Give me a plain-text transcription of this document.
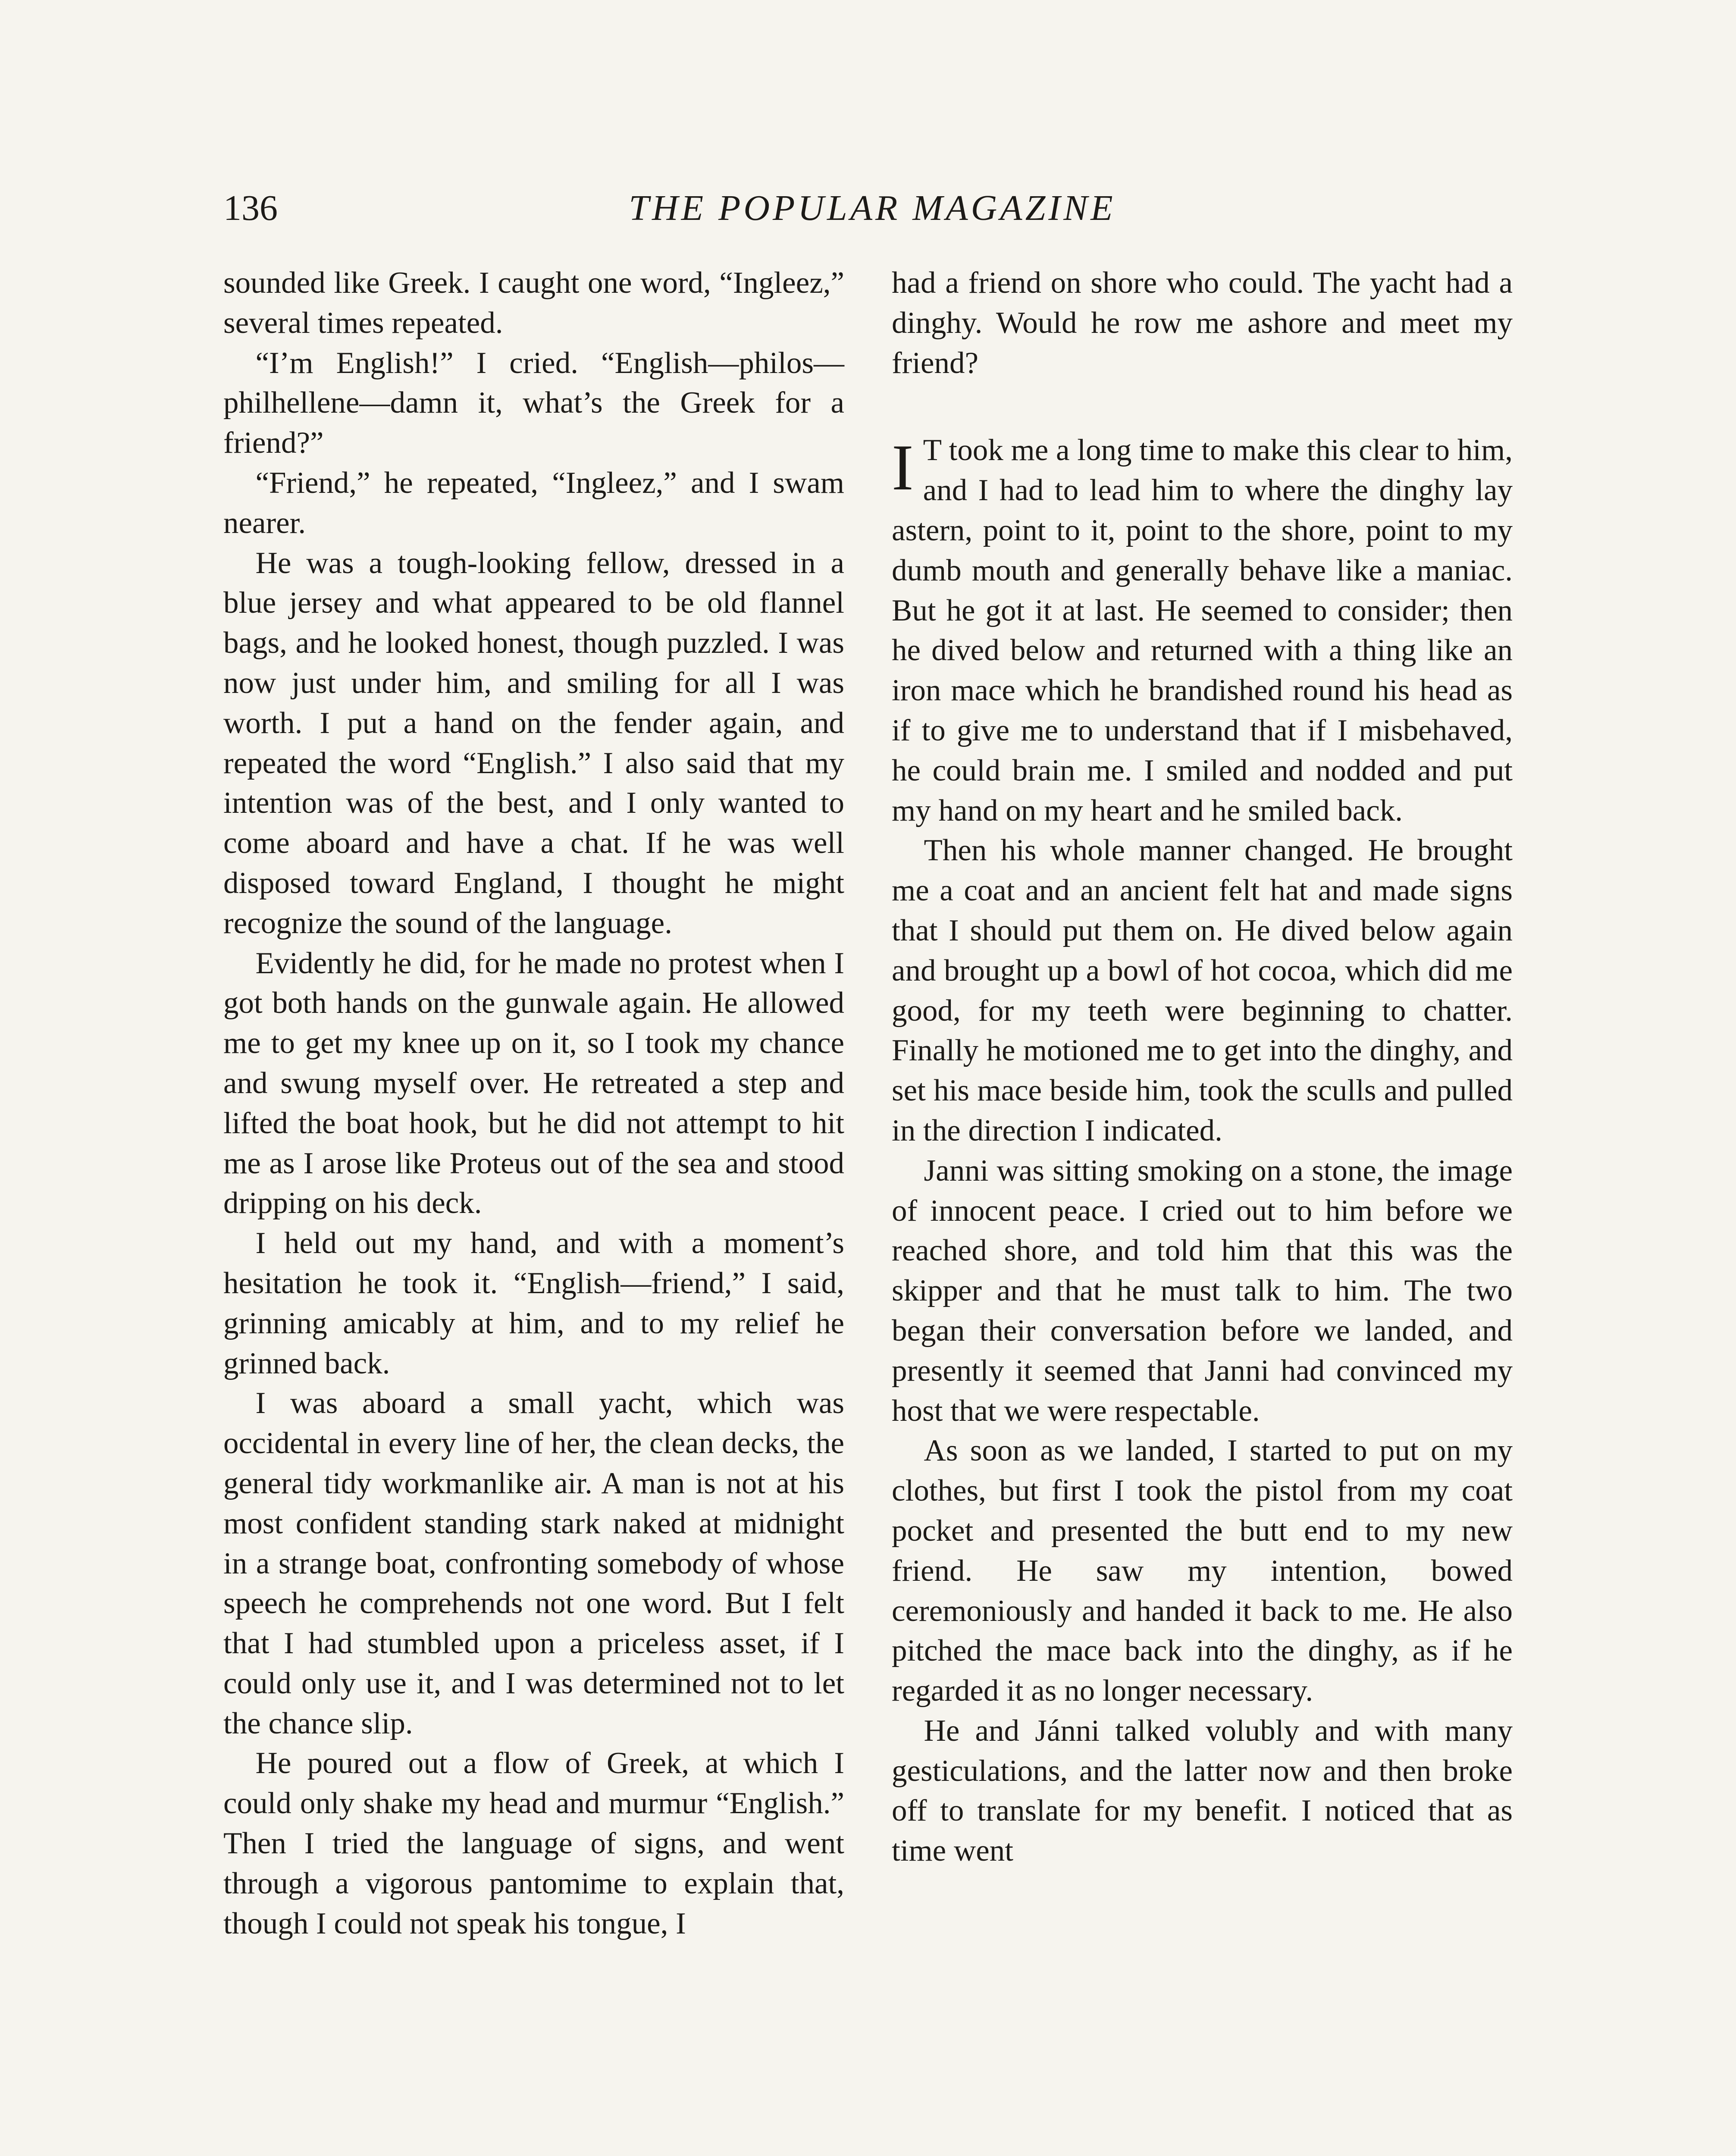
136	THE POPULAR MAGAZINE

sounded like Greek. I caught one word, “Ingleez,” several times repeated.

“I’m English!” I cried. “English—philos—philhellene—damn it, what’s the Greek for a friend?”

“Friend,” he repeated, “Ingleez,” and I swam nearer.

He was a tough-looking fellow, dressed in a blue jersey and what appeared to be old flannel bags, and he looked honest, though puzzled. I was now just under him, and smiling for all I was worth. I put a hand on the fender again, and repeated the word “English.” I also said that my intention was of the best, and I only wanted to come aboard and have a chat. If he was well disposed toward England, I thought he might recognize the sound of the language.

Evidently he did, for he made no protest when I got both hands on the gunwale again. He allowed me to get my knee up on it, so I took my chance and swung myself over. He retreated a step and lifted the boat hook, but he did not attempt to hit me as I arose like Proteus out of the sea and stood dripping on his deck.

I held out my hand, and with a moment’s hesitation he took it. “English—friend,” I said, grinning amicably at him, and to my relief he grinned back.

I was aboard a small yacht, which was occidental in every line of her, the clean decks, the general tidy workmanlike air. A man is not at his most confident standing stark naked at midnight in a strange boat, confronting somebody of whose speech he comprehends not one word. But I felt that I had stumbled upon a priceless asset, if I could only use it, and I was determined not to let the chance slip.

He poured out a flow of Greek, at which I could only shake my head and murmur “English.” Then I tried the language of signs, and went through a vigorous pantomime to explain that, though I could not speak his tongue, I

had a friend on shore who could. The yacht had a dinghy. Would he row me ashore and meet my friend?

I T took me a long time to make this clear to him, and I had to lead him to where the dinghy lay astern, point to it, point to the shore, point to my dumb mouth and generally behave like a maniac. But he got it at last. He seemed to consider; then he dived below and returned with a thing like an iron mace which he brandished round his head as if to give me to understand that if I misbehaved, he could brain me. I smiled and nodded and put my hand on my heart and he smiled back.

Then his whole manner changed. He brought me a coat and an ancient felt hat and made signs that I should put them on. He dived below again and brought up a bowl of hot cocoa, which did me good, for my teeth were beginning to chatter. Finally he motioned me to get into the dinghy, and set his mace beside him, took the sculls and pulled in the direction I indicated.

Janni was sitting smoking on a stone, the image of innocent peace. I cried out to him before we reached shore, and told him that this was the skipper and that he must talk to him. The two began their conversation before we landed, and presently it seemed that Janni had convinced my host that we were respectable.

As soon as we landed, I started to put on my clothes, but first I took the pistol from my coat pocket and presented the butt end to my new friend. He saw my intention, bowed ceremoniously and handed it back to me. He also pitched the mace back into the dinghy, as if he regarded it as no longer necessary.

He and Jánni talked volubly and with many gesticulations, and the latter now and then broke off to translate for my benefit. I noticed that as time went
